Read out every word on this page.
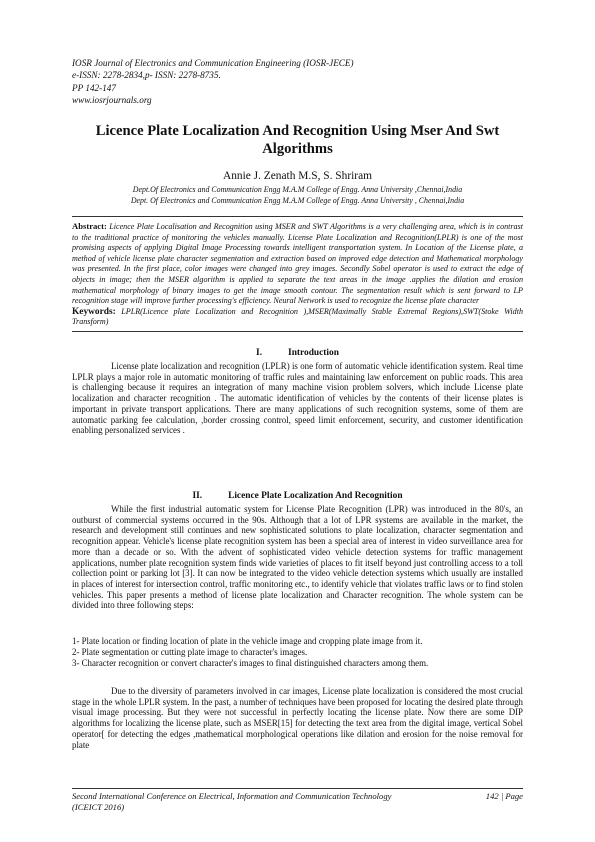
IOSR Journal of Electronics and Communication Engineering (IOSR-JECE)
e-ISSN: 2278-2834,p- ISSN: 2278-8735.
PP 142-147
www.iosrjournals.org
Licence Plate Localization And Recognition Using Mser And Swt Algorithms
Annie J. Zenath M.S, S. Shriram
Dept.Of Electronics and Communication Engg M.A.M College of Engg. Anna University ,Chennai,India
Dept. Of Electronics and Communication Engg M.A.M College of Engg. Anna University , Chennai,India
Abstract: Licence Plate Localisation and Recognition using MSER and SWT Algorithms is a very challenging area, which is in contrast to the traditional practice of monitoring the vehicles manually. License Plate Localization and Recognition(LPLR) is one of the most promising aspects of applying Digital Image Processing towards intelligent transportation system. In Location of the License plate, a method of vehicle license plate character segmentation and extraction based on improved edge detection and Mathematical morphology was presented. In the first place, color images were changed into grey images. Secondly Sobel operator is used to extract the edge of objects in image; then the MSER algorithm is applied to separate the text areas in the image .applies the dilation and erosion mathematical morphology of binary images to get the image smooth contour. The segmentation result which is sent forward to LP recognition stage will improve further processing's efficiency. Neural Network is used to recognize the license plate character
Keywords: LPLR(Licence plate Localization and Recognition ),MSER(Maximally Stable Extremal Regions),SWT(Stoke Width Transform)
I.	Introduction
License plate localization and recognition (LPLR) is one form of automatic vehicle identification system. Real time LPLR plays a major role in automatic monitoring of traffic rules and maintaining law enforcement on public roads. This area is challenging because it requires an integration of many machine vision problem solvers, which include License plate localization and character recognition . The automatic identification of vehicles by the contents of their license plates is important in private transport applications. There are many applications of such recognition systems, some of them are automatic parking fee calculation, ,border crossing control, speed limit enforcement, security, and customer identification enabling personalized services .
II.	Licence Plate Localization And Recognition
While the first industrial automatic system for License Plate Recognition (LPR) was introduced in the 80's, an outburst of commercial systems occurred in the 90s. Although that a lot of LPR systems are available in the market, the research and development still continues and new sophisticated solutions to plate localization, character segmentation and recognition appear. Vehicle's license plate recognition system has been a special area of interest in video surveillance area for more than a decade or so. With the advent of sophisticated video vehicle detection systems for traffic management applications, number plate recognition system finds wide varieties of places to fit itself beyond just controlling access to a toll collection point or parking lot [3]. It can now be integrated to the video vehicle detection systems which usually are installed in places of interest for intersection control, traffic monitoring etc., to identify vehicle that violates traffic laws or to find stolen vehicles. This paper presents a method of license plate localization and Character recognition. The whole system can be divided into three following steps:
1- Plate location or finding location of plate in the vehicle image and cropping plate image from it.
2- Plate segmentation or cutting plate image to character's images.
3- Character recognition or convert character's images to final distinguished characters among them.
Due to the diversity of parameters involved in car images, License plate localization is considered the most crucial stage in the whole LPLR system. In the past, a number of techniques have been proposed for locating the desired plate through visual image processing. But they were not successful in perfectly locating the license plate. Now there are some DIP algorithms for localizing the license plate, such as MSER[15] for detecting the text area from the digital image, vertical Sobel operator[ for detecting the edges ,mathematical morphological operations like dilation and erosion for the noise removal for plate
Second International Conference on Electrical, Information and Communication Technology	142 | Page
(ICEICT 2016)
